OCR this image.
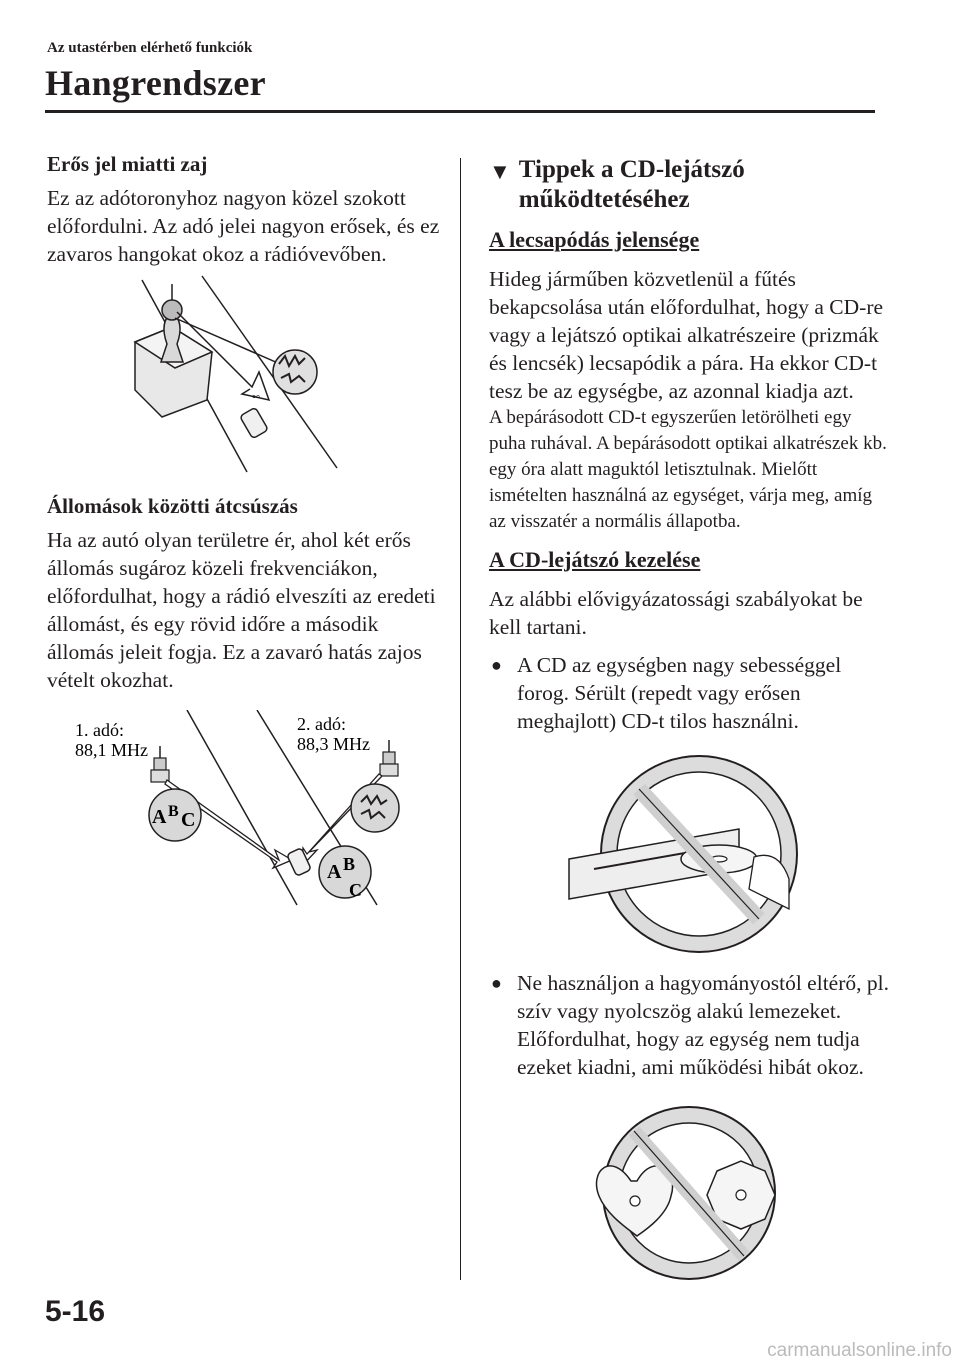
Az utastérben elérhető funkciók
Hangrendszer
Erős jel miatti zaj

Ez az adótoronyhoz nagyon közel szokott előfordulni. Az adó jelei nagyon erősek, és ez zavaros hangokat okoz a rádióvevőben.

°°
Állomások közötti átcsúszás

Ha az autó olyan területre ér, ahol két erős állomás sugároz közeli frekvenciákon, előfordulhat, hogy a rádió elveszíti az eredeti állomást, és egy rövid időre a második állomás jeleit fogja. Ez a zavaró hatás zajos vételt okozhat.

1. adó:
88,1 MHz
2. adó:
88,3 MHz
A B C
A B
C
▼ Tippek a CD-lejátszó
működtetéséhez
A lecsapódás jelensége

Hideg járműben közvetlenül a fűtés bekapcsolása után előfordulhat, hogy a CD-re vagy a lejátszó optikai alkatrészeire (prizmák és lencsék) lecsapódik a pára. Ha ekkor CD-t tesz be az egységbe, az azonnal kiadja azt.

A bepárásodott CD-t egyszerűen letörölheti egy puha ruhával. A bepárásodott optikai alkatrészek kb. egy óra alatt maguktól letisztulnak. Mielőtt ismételten használná az egységet, várja meg, amíg az visszatér a normális állapotba.

A CD-lejátszó kezelése

Az alábbi elővigyázatossági szabályokat be kell tartani.

● A CD az egységben nagy sebességgel forog. Sérült (repedt vagy erősen meghajlott) CD-t tilos használni.
● Ne használjon a hagyományostól eltérő, pl. szív vagy nyolcszög alakú lemezeket. Előfordulhat, hogy az egység nem tudja ezeket kiadni, ami működési hibát okoz.
5-16
carmanualsonline.info
